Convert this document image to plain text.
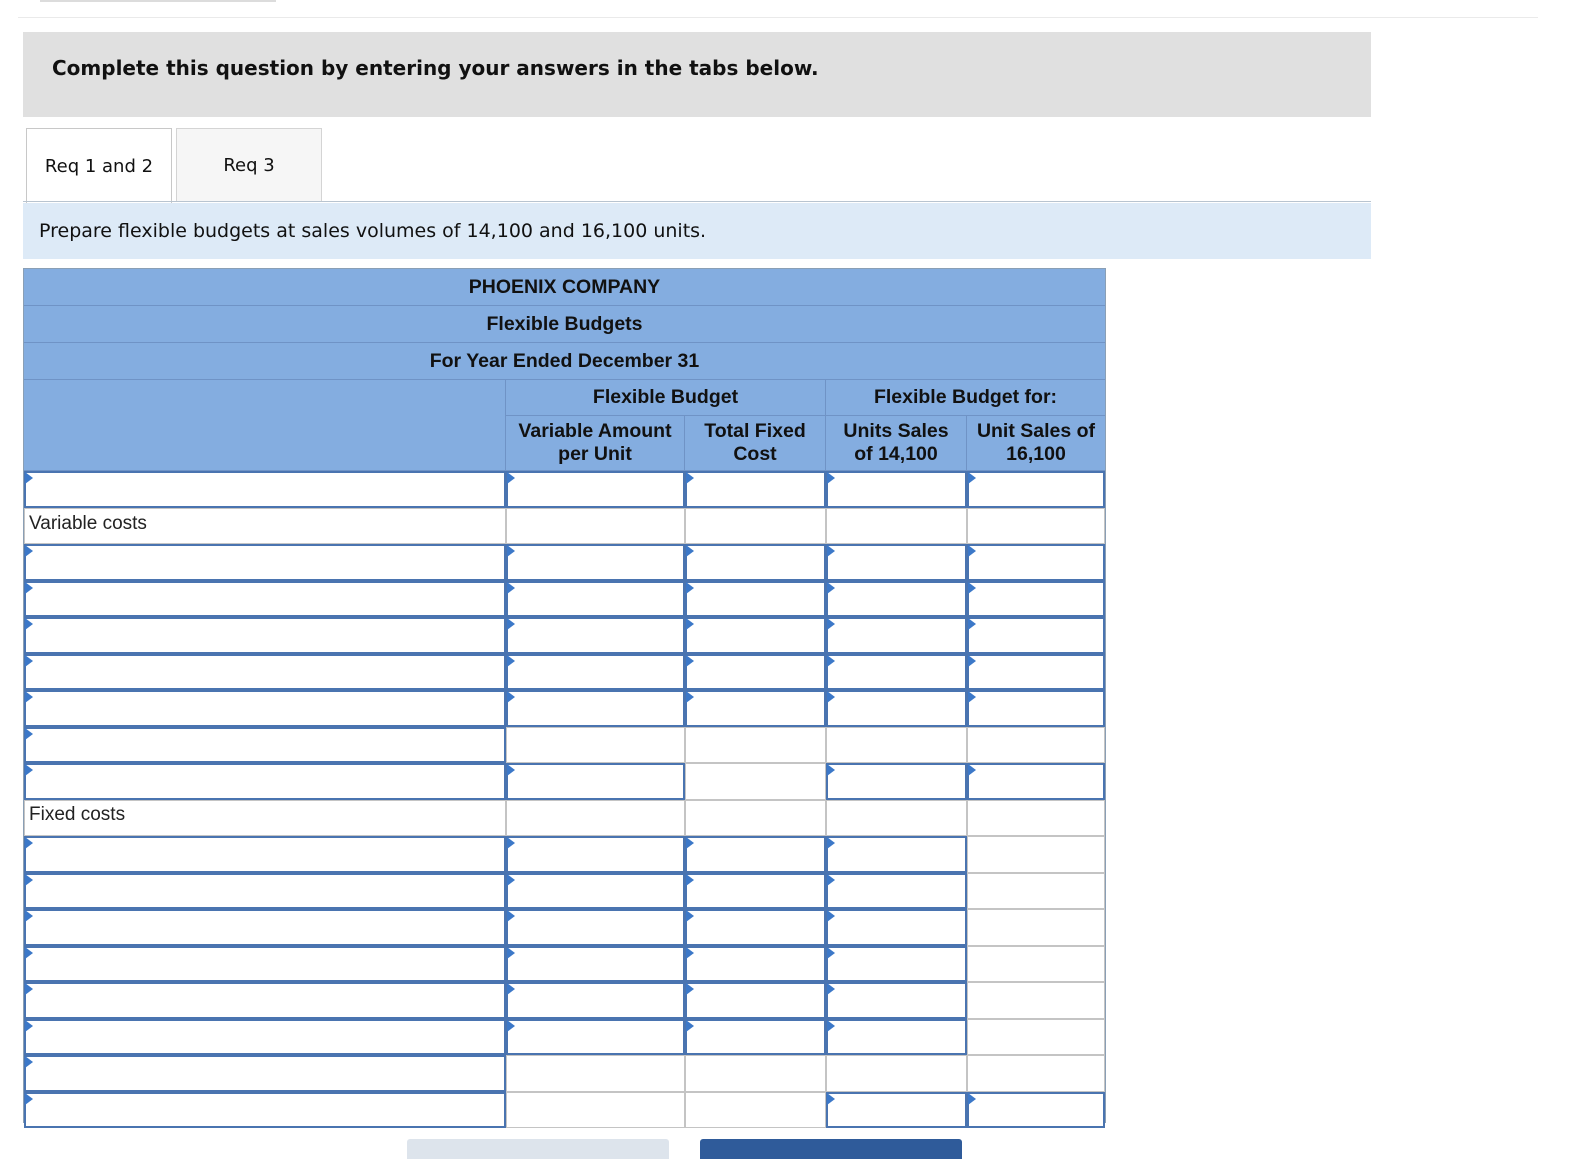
Complete this question by entering your answers in the tabs below.
Req 1 and 2	Req 3
Prepare flexible budgets at sales volumes of 14,100 and 16,100 units.
PHOENIX COMPANY
Flexible Budgets
For Year Ended December 31
Flexible Budget	Flexible Budget for:
Variable Amount per Unit
Total Fixed Cost
Units Sales of 14,100
Unit Sales of 16,100
Variable costs
Fixed costs
